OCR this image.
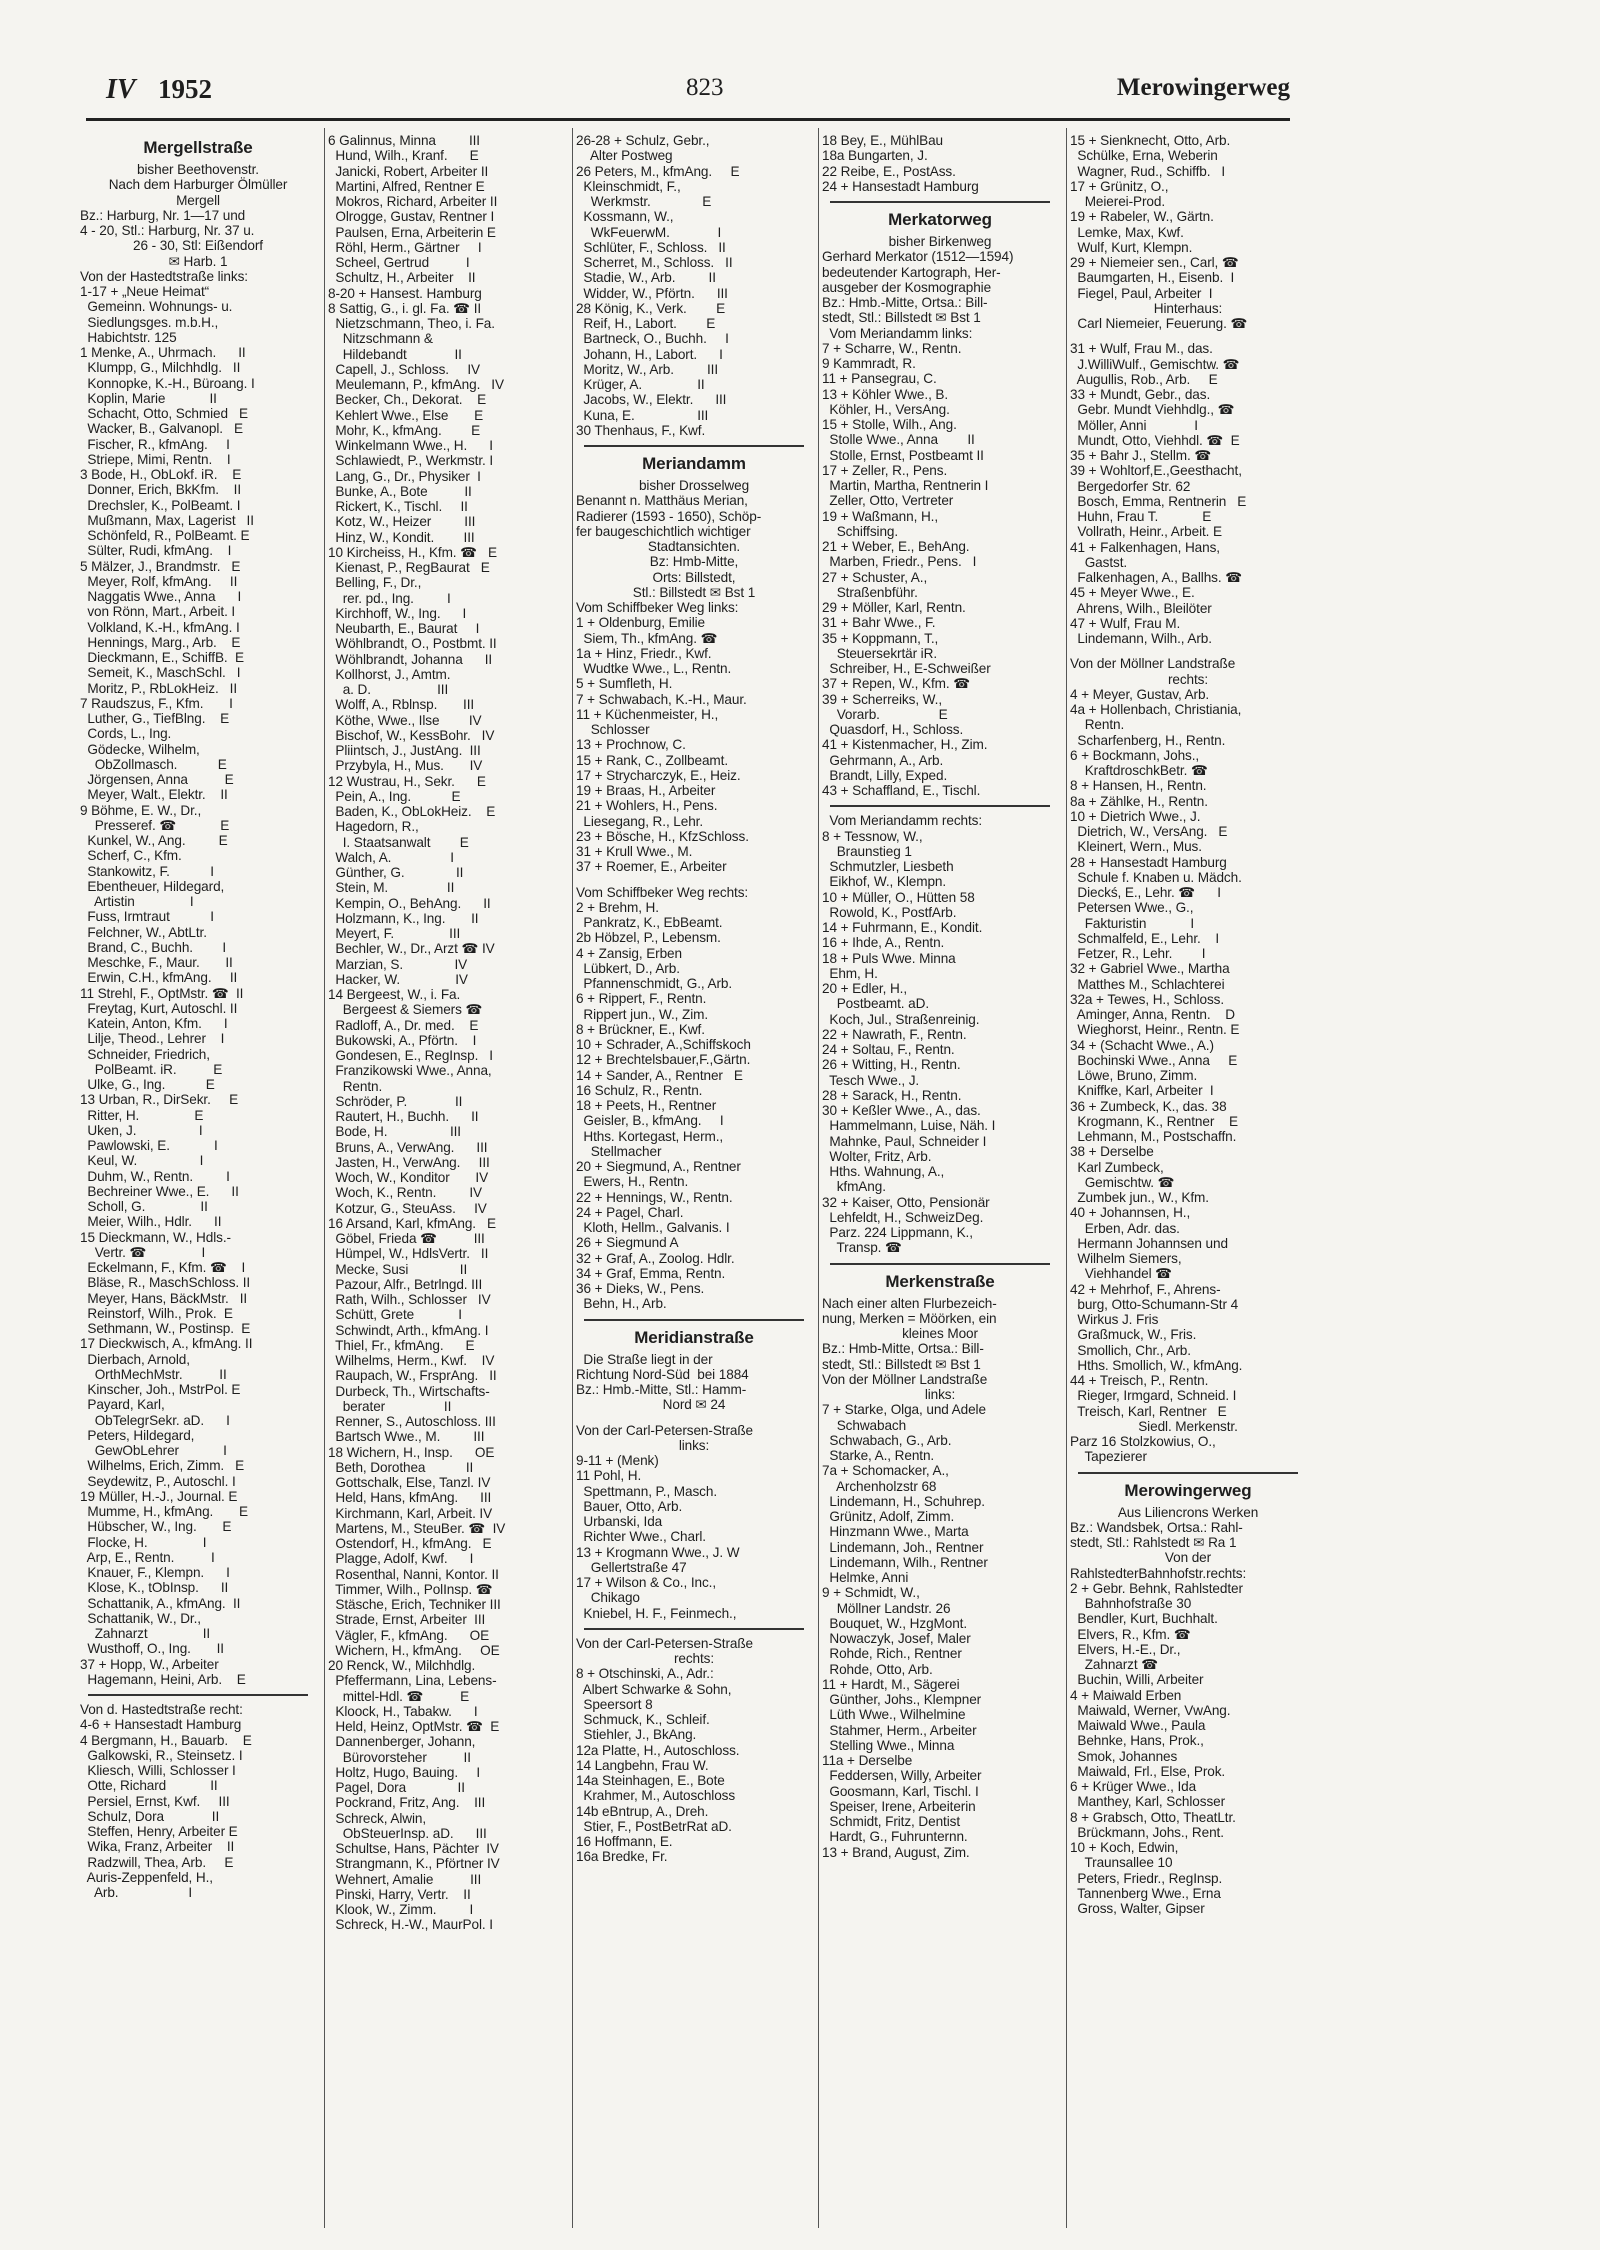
IV 1952	823	Merowingerweg
Mergellstraße
bisher Beethovenstr.
Nach dem Harburger Ölmüller
Mergell
Bz.: Harburg, Nr. 1—17 und
4 - 20, Stl.: Harburg, Nr. 37 u.
26 - 30, Stl: Eißendorf
✉ Harb. 1
Von der Hastedtstraße links:
1-17 + „Neue Heimat“
Gemeinn. Wohnungs- u.
Siedlungsges. m.b.H.,
Habichtstr. 125
1 Menke, A., Uhrmach.      II
Klumpp, G., Milchhdlg.   II
Konnopke, K.-H., Büroang. I
Koplin, Marie            II
Schacht, Otto, Schmied   E
Wacker, B., Galvanopl.   E
Fischer, R., kfmAng.     I
Striepe, Mimi, Rentn.    I
3 Bode, H., ObLokf. iR.    E
Donner, Erich, BkKfm.    II
Drechsler, K., PolBeamt. I
Mußmann, Max, Lagerist   II
Schönfeld, R., PolBeamt. E
Sülter, Rudi, kfmAng.    I
5 Mälzer, J., Brandmstr.   E
Meyer, Rolf, kfmAng.     II
Naggatis Wwe., Anna      I
von Rönn, Mart., Arbeit. I
Volkland, K.-H., kfmAng. I
Hennings, Marg., Arb.    E
Dieckmann, E., SchiffB.  E
Semeit, K., MaschSchl.   I
Moritz, P., RbLokHeiz.   II
7 Raudszus, F., Kfm.       I
Luther, G., TiefBlng.    E
Cords, L., Ing.
Gödecke, Wilhelm,
ObZollmasch.           E
Jörgensen, Anna          E
Meyer, Walt., Elektr.    II
9 Böhme, E. W., Dr.,
Presseref. ☎            E
Kunkel, W., Ang.         E
Scherf, C., Kfm.
Stankowitz, F.           I
Ebentheuer, Hildegard,
Artistin               I
Fuss, Irmtraut           I
Felchner, W., AbtLtr.
Brand, C., Buchh.        I
Meschke, F., Maur.       II
Erwin, C.H., kfmAng.     II
11 Strehl, F., OptMstr. ☎  II
Freytag, Kurt, Autoschl. II
Katein, Anton, Kfm.      I
Lilje, Theod., Lehrer    I
Schneider, Friedrich,
PolBeamt. iR.          E
Ulke, G., Ing.           E
13 Urban, R., DirSekr.     E
Ritter, H.               E
Uken, J.                 I
Pawlowski, E.            I
Keul, W.                 I
Duhm, W., Rentn.         I
Bechreiner Wwe., E.      II
Scholl, G.               II
Meier, Wilh., Hdlr.      II
15 Dieckmann, W., Hdls.-
Vertr. ☎               I
Eckelmann, F., Kfm. ☎    I
Bläse, R., MaschSchloss. II
Meyer, Hans, BäckMstr.   II
Reinstorf, Wilh., Prok.  E
Sethmann, W., Postinsp.  E
17 Dieckwisch, A., kfmAng. II
Dierbach, Arnold,
OrthMechMstr.          II
Kinscher, Joh., MstrPol. E
Payard, Karl,
ObTelegrSekr. aD.      I
Peters, Hildegard,
GewObLehrer            I
Wilhelms, Erich, Zimm.   E
Seydewitz, P., Autoschl. I
19 Müller, H.-J., Journal. E
Mumme, H., kfmAng.       E
Hübscher, W., Ing.       E
Flocke, H.               I
Arp, E., Rentn.          I
Knauer, F., Klempn.      I
Klose, K., tObInsp.      II
Schattanik, A., kfmAng.  II
Schattanik, W., Dr.,
Zahnarzt               II
Wusthoff, O., Ing.       II
37 + Hopp, W., Arbeiter
Hagemann, Heini, Arb.    E
Von d. Hastedtstraße recht:
4-6 + Hansestadt Hamburg
4 Bergmann, H., Bauarb.    E
Galkowski, R., Steinsetz. I
Kliesch, Willi, Schlosser I
Otte, Richard            II
Persiel, Ernst, Kwf.     III
Schulz, Dora             II
Steffen, Henry, Arbeiter E
Wika, Franz, Arbeiter    II
Radzwill, Thea, Arb.     E
Auris-Zeppenfeld, H.,
Arb.                   I
6 Galinnus, Minna         III
Hund, Wilh., Kranf.      E
Janicki, Robert, Arbeiter II
Martini, Alfred, Rentner E
Mokros, Richard, Arbeiter II
Olrogge, Gustav, Rentner I
Paulsen, Erna, Arbeiterin E
Röhl, Herm., Gärtner     I
Scheel, Gertrud          I
Schultz, H., Arbeiter    II
8-20 + Hansest. Hamburg
8 Sattig, G., i. gl. Fa. ☎ II
Nietzschmann, Theo, i. Fa.
Nitzschmann &
Hildebandt             II
Capell, J., Schloss.     IV
Meulemann, P., kfmAng.   IV
Becker, Ch., Dekorat.    E
Kehlert Wwe., Else       E
Mohr, K., kfmAng.        E
Winkelmann Wwe., H.      I
Schlawiedt, P., Werkmstr. I
Lang, G., Dr., Physiker  I
Bunke, A., Bote          II
Rickert, K., Tischl.     II
Kotz, W., Heizer         III
Hinz, W., Kondit.        III
10 Kircheiss, H., Kfm. ☎   E
Kienast, P., RegBaurat   E
Belling, F., Dr.,
rer. pd., Ing.         I
Kirchhoff, W., Ing.      I
Neubarth, E., Baurat     I
Wöhlbrandt, O., Postbmt. II
Wöhlbrandt, Johanna      II
Kollhorst, J., Amtm.
a. D.                  III
Wolff, A., Rblnsp.       III
Köthe, Wwe., Ilse        IV
Bischof, W., KessBohr.   IV
Pliintsch, J., JustAng.  III
Przybyla, H., Mus.       IV
12 Wustrau, H., Sekr.      E
Pein, A., Ing.           E
Baden, K., ObLokHeiz.    E
Hagedorn, R.,
I. Staatsanwalt        E
Walch, A.                I
Günther, G.              II
Stein, M.                II
Kempin, O., BehAng.      II
Holzmann, K., Ing.       II
Meyert, F.               III
Bechler, W., Dr., Arzt ☎ IV
Marzian, S.              IV
Hacker, W.               IV
14 Bergeest, W., i. Fa.
Bergeest & Siemers ☎
Radloff, A., Dr. med.    E
Bukowski, A., Pförtn.    I
Gondesen, E., RegInsp.   I
Franzikowski Wwe., Anna,
Rentn.
Schröder, P.             II
Rautert, H., Buchh.      II
Bode, H.                 III
Bruns, A., VerwAng.      III
Jasten, H., VerwAng.     III
Woch, W., Konditor       IV
Woch, K., Rentn.         IV
Kotzur, G., SteuAss.     IV
16 Arsand, Karl, kfmAng.   E
Göbel, Frieda ☎          III
Hümpel, W., HdlsVertr.   II
Mecke, Susi              II
Pazour, Alfr., Betrlngd. III
Rath, Wilh., Schlosser   IV
Schütt, Grete            I
Schwindt, Arth., kfmAng. I
Thiel, Fr., kfmAng.      E
Wilhelms, Herm., Kwf.    IV
Raupach, W., FrsprAng.   II
Durbeck, Th., Wirtschafts-
berater                II
Renner, S., Autoschloss. III
Bartsch Wwe., M.         III
18 Wichern, H., Insp.      OE
Beth, Dorothea           II
Gottschalk, Else, Tanzl. IV
Held, Hans, kfmAng.      III
Kirchmann, Karl, Arbeit. IV
Martens, M., SteuBer. ☎  IV
Ostendorf, H., kfmAng.   E
Plagge, Adolf, Kwf.      I
Rosenthal, Nanni, Kontor. II
Timmer, Wilh., PolInsp. ☎
Stäsche, Erich, Techniker III
Strade, Ernst, Arbeiter  III
Vägler, F., kfmAng.      OE
Wichern, H., kfmAng.     OE
20 Renck, W., Milchhdlg.
Pfeffermann, Lina, Lebens-
mittel-Hdl. ☎          E
Kloock, H., Tabakw.      I
Held, Heinz, OptMstr. ☎  E
Dannenberger, Johann,
Bürovorsteher          II
Holtz, Hugo, Bauing.     I
Pagel, Dora              II
Pockrand, Fritz, Ang.    III
Schreck, Alwin,
ObSteuerInsp. aD.      III
Schultse, Hans, Pächter  IV
Strangmann, K., Pförtner IV
Wehnert, Amalie          III
Pinski, Harry, Vertr.    II
Klook, W., Zimm.         I
Schreck, H.-W., MaurPol. I
26-28 + Schulz, Gebr.,
Alter Postweg
26 Peters, M., kfmAng.     E
Kleinschmidt, F.,
Werkmstr.              E
Kossmann, W.,
WkFeuerwM.             I
Schlüter, F., Schloss.   II
Scherret, M., Schloss.   II
Stadie, W., Arb.         II
Widder, W., Pförtn.      III
28 König, K., Verk.        E
Reif, H., Labort.        E
Bartneck, O., Buchh.     I
Johann, H., Labort.      I
Moritz, W., Arb.         III
Krüger, A.               II
Jacobs, W., Elektr.      III
Kuna, E.                 III
30 Thenhaus, F., Kwf.
Meriandamm
bisher Drosselweg
Benannt n. Matthäus Merian,
Radierer (1593 - 1650), Schöp-
fer baugeschichtlich wichtiger
Stadtansichten.
Bz: Hmb-Mitte,
Orts: Billstedt,
Stl.: Billstedt ✉ Bst 1
Vom Schiffbeker Weg links:
1 + Oldenburg, Emilie
Siem, Th., kfmAng. ☎
1a + Hinz, Friedr., Kwf.
Wudtke Wwe., L., Rentn.
5 + Sumfleth, H.
7 + Schwabach, K.-H., Maur.
11 + Küchenmeister, H.,
Schlosser
13 + Prochnow, C.
15 + Rank, C., Zollbeamt.
17 + Strycharczyk, E., Heiz.
19 + Braas, H., Arbeiter
21 + Wohlers, H., Pens.
Liesegang, R., Lehr.
23 + Bösche, H., KfzSchloss.
31 + Krull Wwe., M.
37 + Roemer, E., Arbeiter
Vom Schiffbeker Weg rechts:
2 + Brehm, H.
Pankratz, K., EbBeamt.
2b Höbzel, P., Lebensm.
4 + Zansig, Erben
Lübkert, D., Arb.
Pfannenschmidt, G., Arb.
6 + Rippert, F., Rentn.
Rippert jun., W., Zim.
8 + Brückner, E., Kwf.
10 + Schrader, A.,Schiffskoch
12 + Brechtelsbauer,F.,Gärtn.
14 + Sander, A., Rentner   E
16 Schulz, R., Rentn.
18 + Peets, H., Rentner
Geisler, B., kfmAng.     I
Hths. Kortegast, Herm.,
Stellmacher
20 + Siegmund, A., Rentner
Ewers, H., Rentn.
22 + Hennings, W., Rentn.
24 + Pagel, Charl.
Kloth, Hellm., Galvanis. I
26 + Siegmund A
32 + Graf, A., Zoolog. Hdlr.
34 + Graf, Emma, Rentn.
36 + Dieks, W., Pens.
Behn, H., Arb.
Meridianstraße
Die Straße liegt in der
Richtung Nord-Süd  bei 1884
Bz.: Hmb.-Mitte, Stl.: Hamm-
Nord ✉ 24
Von der Carl-Petersen-Straße
links:
9-11 + (Menk)
11 Pohl, H.
Spettmann, P., Masch.
Bauer, Otto, Arb.
Urbanski, Ida
Richter Wwe., Charl.
13 + Krogmann Wwe., J. W
Gellertstraße 47
17 + Wilson & Co., Inc.,
Chikago
Kniebel, H. F., Feinmech.,
Von der Carl-Petersen-Straße
rechts:
8 + Otschinski, A., Adr.:
Albert Schwarke & Sohn,
Speersort 8
Schmuck, K., Schleif.
Stiehler, J., BkAng.
12a Platte, H., Autoschloss.
14 Langbehn, Frau W.
14a Steinhagen, E., Bote
Krahmer, M., Autoschloss
14b eBntrup, A., Dreh.
Stier, F., PostBetrRat aD.
16 Hoffmann, E.
16a Bredke, Fr.
18 Bey, E., MühlBau
18a Bungarten, J.
22 Reibe, E., PostAss.
24 + Hansestadt Hamburg
Merkatorweg
bisher Birkenweg
Gerhard Merkator (1512—1594)
bedeutender Kartograph, Her-
ausgeber der Kosmographie
Bz.: Hmb.-Mitte, Ortsa.: Bill-
stedt, Stl.: Billstedt ✉ Bst 1
Vom Meriandamm links:
7 + Scharre, W., Rentn.
9 Kammradt, R.
11 + Pansegrau, C.
13 + Köhler Wwe., B.
Köhler, H., VersAng.
15 + Stolle, Wilh., Ang.
Stolle Wwe., Anna        II
Stolle, Ernst, Postbeamt II
17 + Zeller, R., Pens.
Martin, Martha, Rentnerin I
Zeller, Otto, Vertreter
19 + Waßmann, H.,
Schiffsing.
21 + Weber, E., BehAng.
Marben, Friedr., Pens.   I
27 + Schuster, A.,
Straßenbführ.
29 + Möller, Karl, Rentn.
31 + Bahr Wwe., F.
35 + Koppmann, T.,
Steuersekrtär iR.
Schreiber, H., E-Schweißer
37 + Repen, W., Kfm. ☎
39 + Scherreiks, W.,
Vorarb.                E
Quasdorf, H., Schloss.
41 + Kistenmacher, H., Zim.
Gehrmann, A., Arb.
Brandt, Lilly, Exped.
43 + Schaffland, E., Tischl.
Vom Meriandamm rechts:
8 + Tessnow, W.,
Braunstieg 1
Schmutzler, Liesbeth
Eikhof, W., Klempn.
10 + Müller, O., Hütten 58
Rowold, K., PostfArb.
14 + Fuhrmann, E., Kondit.
16 + Ihde, A., Rentn.
18 + Puls Wwe. Minna
Ehm, H.
20 + Edler, H.,
Postbeamt. aD.
Koch, Jul., Straßenreinig.
22 + Nawrath, F., Rentn.
24 + Soltau, F., Rentn.
26 + Witting, H., Rentn.
Tesch Wwe., J.
28 + Sarack, H., Rentn.
30 + Keßler Wwe., A., das.
Hammelmann, Luise, Näh. I
Mahnke, Paul, Schneider I
Wolter, Fritz, Arb.
Hths. Wahnung, A.,
kfmAng.
32 + Kaiser, Otto, Pensionär
Lehfeldt, H., SchweizDeg.
Parz. 224 Lippmann, K.,
Transp. ☎
Merkenstraße
Nach einer alten Flurbezeich-
nung, Merken = Möörken, ein
kleines Moor
Bz.: Hmb-Mitte, Ortsa.: Bill-
stedt, Stl.: Billstedt ✉ Bst 1
Von der Möllner Landstraße
links:
7 + Starke, Olga, und Adele
Schwabach
Schwabach, G., Arb.
Starke, A., Rentn.
7a + Schomacker, A.,
Archenholzstr 68
Lindemann, H., Schuhrep.
Grünitz, Adolf, Zimm.
Hinzmann Wwe., Marta
Lindemann, Joh., Rentner
Lindemann, Wilh., Rentner
Helmke, Anni
9 + Schmidt, W.,
Möllner Landstr. 26
Bouquet, W., HzgMont.
Nowaczyk, Josef, Maler
Rohde, Rich., Rentner
Rohde, Otto, Arb.
11 + Hardt, M., Sägerei
Günther, Johs., Klempner
Lüth Wwe., Wilhelmine
Stahmer, Herm., Arbeiter
Stelling Wwe., Minna
11a + Derselbe
Feddersen, Willy, Arbeiter
Goosmann, Karl, Tischl. I
Speiser, Irene, Arbeiterin
Schmidt, Fritz, Dentist
Hardt, G., Fuhrunternn.
13 + Brand, August, Zim.
15 + Sienknecht, Otto, Arb.
Schülke, Erna, Weberin
Wagner, Rud., Schiffb.   I
17 + Grünitz, O.,
Meierei-Prod.
19 + Rabeler, W., Gärtn.
Lemke, Max, Kwf.
Wulf, Kurt, Klempn.
29 + Niemeier sen., Carl, ☎
Baumgarten, H., Eisenb.  I
Fiegel, Paul, Arbeiter  I
Hinterhaus:
Carl Niemeier, Feuerung. ☎
31 + Wulf, Frau M., das.
J.WilliWulf., Gemischtw. ☎
Augullis, Rob., Arb.     E
33 + Mundt, Gebr., das.
Gebr. Mundt Viehhdlg., ☎
Möller, Anni             I
Mundt, Otto, Viehhdl. ☎  E
35 + Bahr J., Stellm. ☎
39 + Wohltorf,E.,Geesthacht,
Bergedorfer Str. 62
Bosch, Emma, Rentnerin   E
Huhn, Frau T.            E
Vollrath, Heinr., Arbeit. E
41 + Falkenhagen, Hans,
Gastst.
Falkenhagen, A., Ballhs. ☎
45 + Meyer Wwe., E.
Ahrens, Wilh., Bleilöter
47 + Wulf, Frau M.
Lindemann, Wilh., Arb.
Von der Möllner Landstraße
rechts:
4 + Meyer, Gustav, Arb.
4a + Hollenbach, Christiania,
Rentn.
Scharfenberg, H., Rentn.
6 + Bockmann, Johs.,
KraftdroschkBetr. ☎
8 + Hansen, H., Rentn.
8a + Zählke, H., Rentn.
10 + Dietrich Wwe., J.
Dietrich, W., VersAng.   E
Kleinert, Wern., Mus.
28 + Hansestadt Hamburg
Schule f. Knaben u. Mädch.
Dieckś, E., Lehr. ☎      I
Petersen Wwe., G.,
Fakturistin            I
Schmalfeld, E., Lehr.    I
Fetzer, R., Lehr.        I
32 + Gabriel Wwe., Martha
Matthes M., Schlachterei
32a + Tewes, H., Schloss.
Aminger, Anna, Rentn.    D
Wieghorst, Heinr., Rentn. E
34 + (Schacht Wwe., A.)
Bochinski Wwe., Anna     E
Löwe, Bruno, Zimm.
Kniffke, Karl, Arbeiter  I
36 + Zumbeck, K., das. 38
Krogmann, K., Rentner    E
Lehmann, M., Postschaffn.
38 + Derselbe
Karl Zumbeck,
Gemischtw. ☎
Zumbek jun., W., Kfm.
40 + Johannsen, H.,
Erben, Adr. das.
Hermann Johannsen und
Wilhelm Siemers,
Viehhandel ☎
42 + Mehrhof, F., Ahrens-
burg, Otto-Schumann-Str 4
Wirkus J. Fris
Graßmuck, W., Fris.
Smollich, Chr., Arb.
Hths. Smollich, W., kfmAng.
44 + Treisch, P., Rentn.
Rieger, Irmgard, Schneid. I
Treisch, Karl, Rentner   E
Siedl. Merkenstr.
Parz 16 Stolzkowius, O.,
Tapezierer
Merowingerweg
Aus Liliencrons Werken
Bz.: Wandsbek, Ortsa.: Rahl-
stedt, Stl.: Rahlstedt ✉ Ra 1
Von der
RahlstedterBahnhofstr.rechts:
2 + Gebr. Behnk, Rahlstedter
Bahnhofstraße 30
Bendler, Kurt, Buchhalt.
Elvers, R., Kfm. ☎
Elvers, H.-E., Dr.,
Zahnarzt ☎
Buchin, Willi, Arbeiter
4 + Maiwald Erben
Maiwald, Werner, VwAng.
Maiwald Wwe., Paula
Behnke, Hans, Prok.,
Smok, Johannes
Maiwald, Frl., Else, Prok.
6 + Krüger Wwe., Ida
Manthey, Karl, Schlosser
8 + Grabsch, Otto, TheatLtr.
Brückmann, Johs., Rent.
10 + Koch, Edwin,
Traunsallee 10
Peters, Friedr., RegInsp.
Tannenberg Wwe., Erna
Gross, Walter, Gipser
